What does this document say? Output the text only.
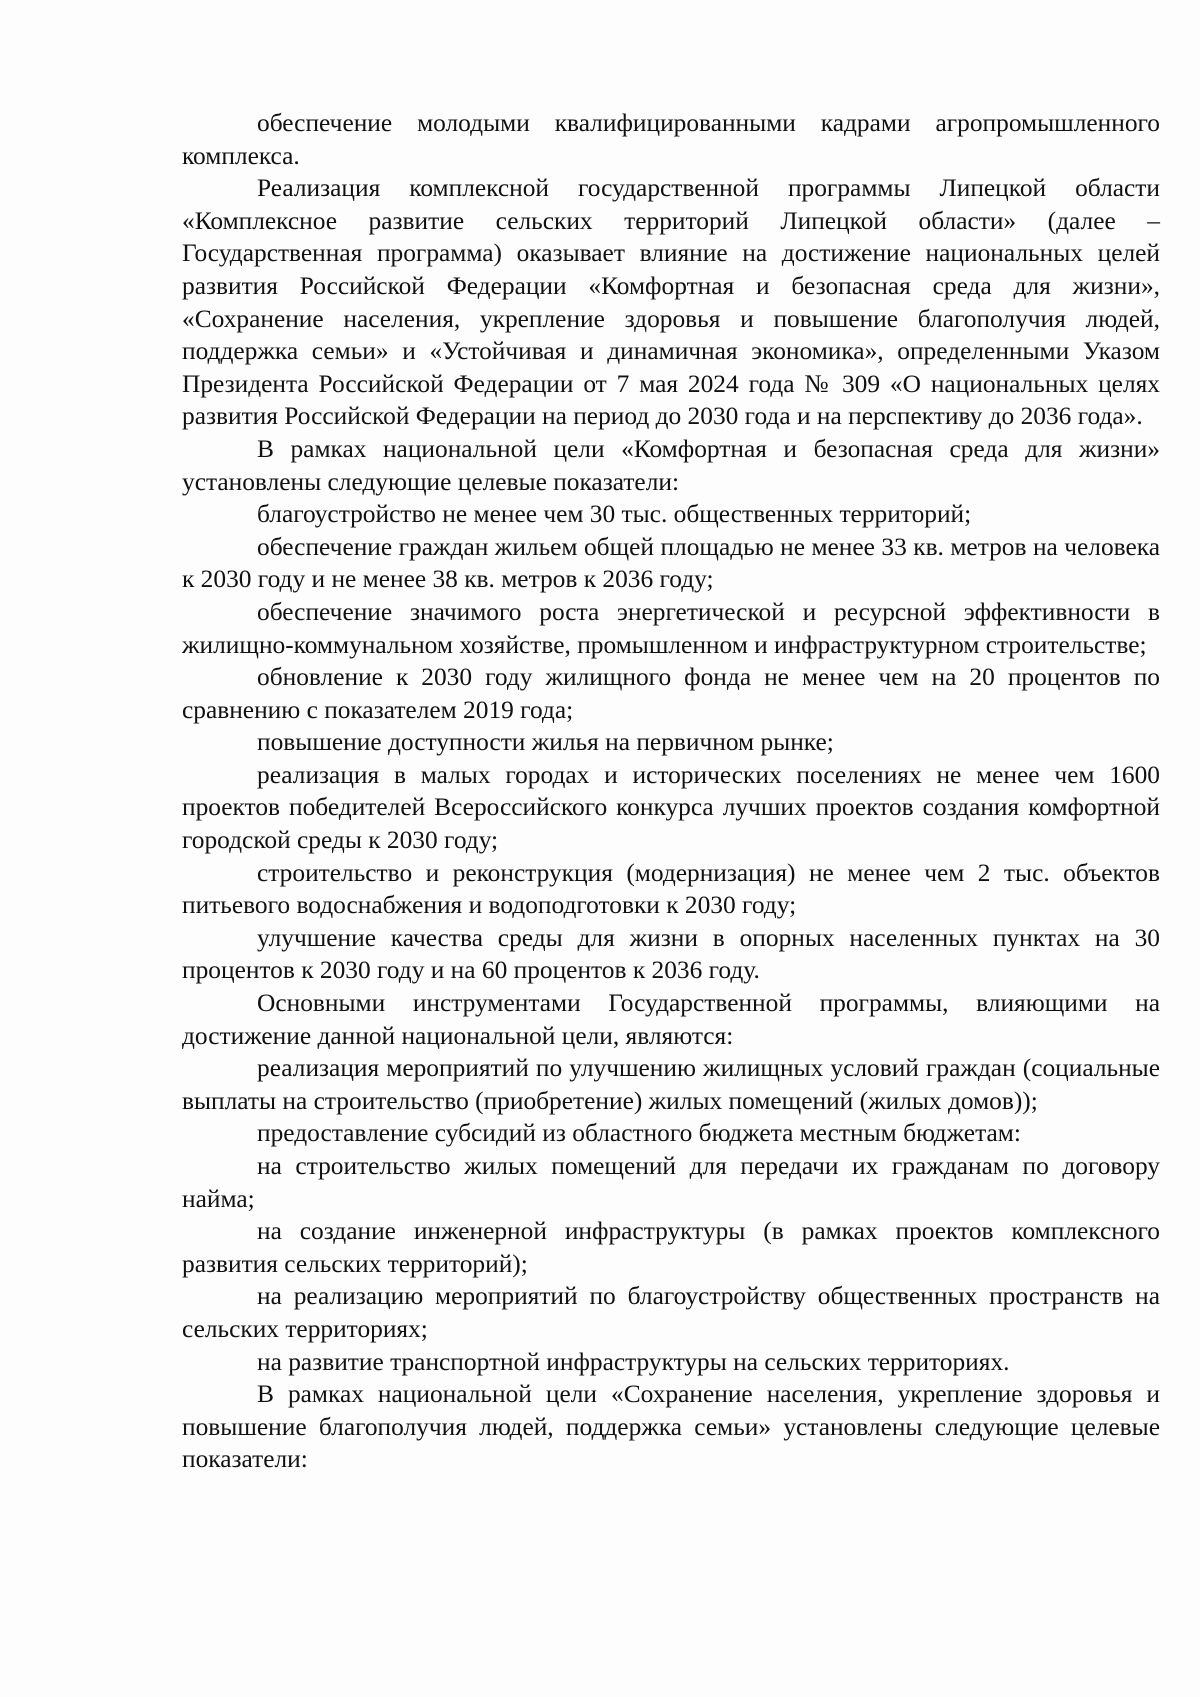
обеспечение молодыми квалифицированными кадрами агропромышленного комплекса.

Реализация комплексной государственной программы Липецкой области «Комплексное развитие сельских территорий Липецкой области» (далее – Государственная программа) оказывает влияние на достижение национальных целей развития Российской Федерации «Комфортная и безопасная среда для жизни», «Сохранение населения, укрепление здоровья и повышение благополучия людей, поддержка семьи» и «Устойчивая и динамичная экономика», определенными Указом Президента Российской Федерации от 7 мая 2024 года № 309 «О национальных целях развития Российской Федерации на период до 2030 года и на перспективу до 2036 года».

В рамках национальной цели «Комфортная и безопасная среда для жизни» установлены следующие целевые показатели:

благоустройство не менее чем 30 тыс. общественных территорий;

обеспечение граждан жильем общей площадью не менее 33 кв. метров на человека к 2030 году и не менее 38 кв. метров к 2036 году;

обеспечение значимого роста энергетической и ресурсной эффективности в жилищно-коммунальном хозяйстве, промышленном и инфраструктурном строительстве;

обновление к 2030 году жилищного фонда не менее чем на 20 процентов по сравнению с показателем 2019 года;

повышение доступности жилья на первичном рынке;

реализация в малых городах и исторических поселениях не менее чем 1600 проектов победителей Всероссийского конкурса лучших проектов создания комфортной городской среды к 2030 году;

строительство и реконструкция (модернизация) не менее чем 2 тыс. объектов питьевого водоснабжения и водоподготовки к 2030 году;

улучшение качества среды для жизни в опорных населенных пунктах на 30 процентов к 2030 году и на 60 процентов к 2036 году.

Основными инструментами Государственной программы, влияющими на достижение данной национальной цели, являются:

реализация мероприятий по улучшению жилищных условий граждан (социальные выплаты на строительство (приобретение) жилых помещений (жилых домов));

предоставление субсидий из областного бюджета местным бюджетам:

на строительство жилых помещений для передачи их гражданам по договору найма;

на создание инженерной инфраструктуры (в рамках проектов комплексного развития сельских территорий);

на реализацию мероприятий по благоустройству общественных пространств на сельских территориях;

на развитие транспортной инфраструктуры на сельских территориях.

В рамках национальной цели «Сохранение населения, укрепление здоровья и повышение благополучия людей, поддержка семьи» установлены следующие целевые показатели:
